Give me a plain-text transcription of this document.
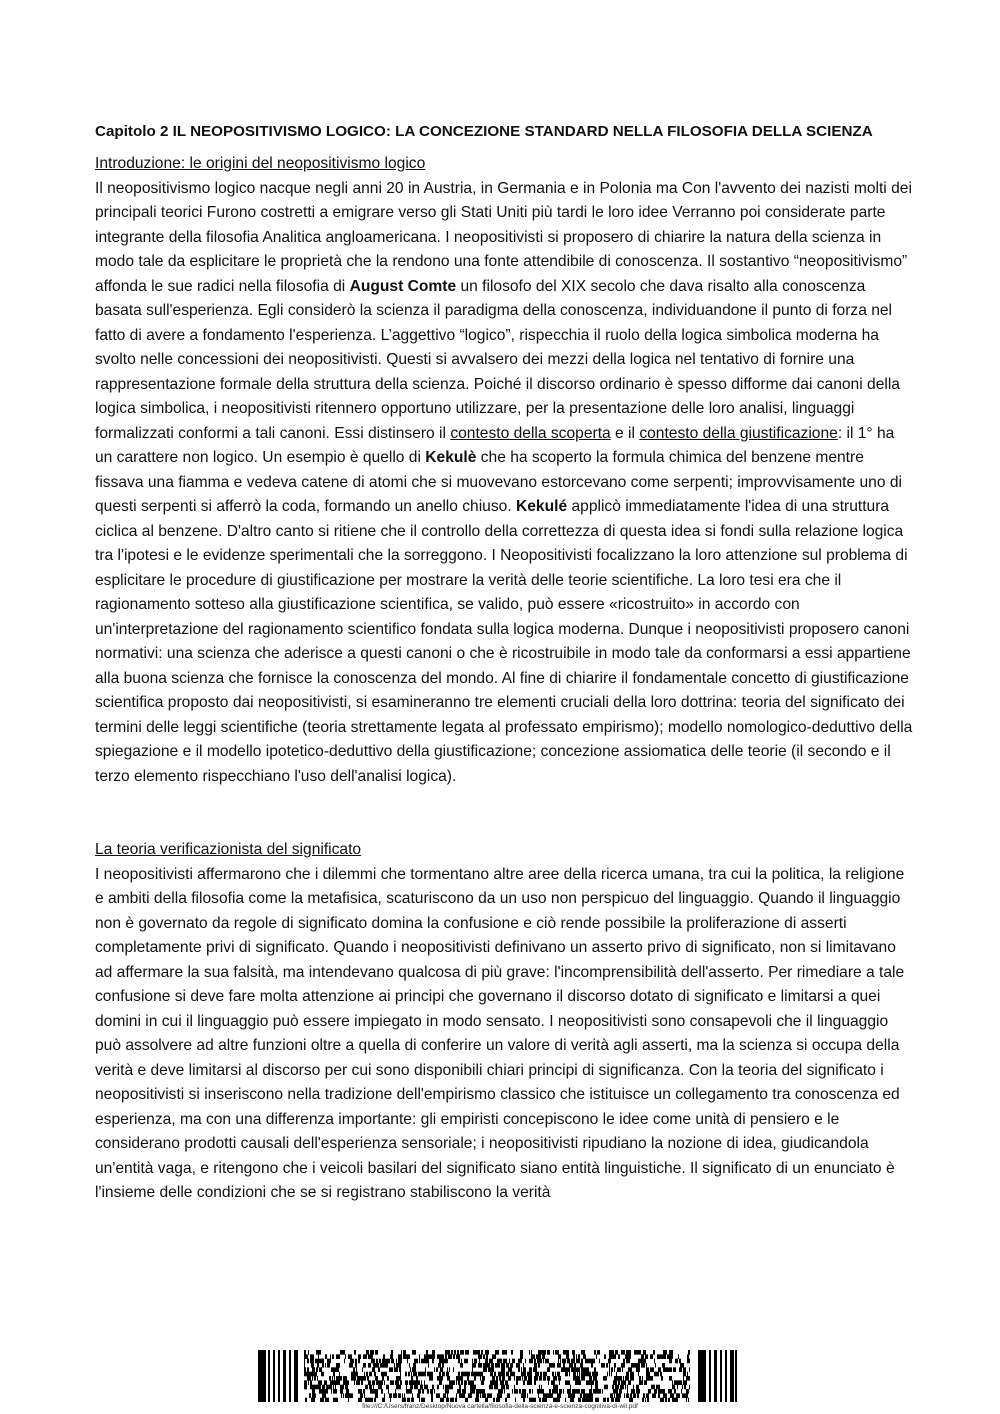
Capitolo 2 IL NEOPOSITIVISMO LOGICO: LA CONCEZIONE STANDARD NELLA FILOSOFIA DELLA SCIENZA
Introduzione: le origini del neopositivismo logico

Il neopositivismo logico nacque negli anni 20 in Austria, in Germania e in Polonia ma Con l'avvento dei nazisti molti dei principali teorici Furono costretti a emigrare verso gli Stati Uniti più tardi le loro idee Verranno poi considerate parte integrante della filosofia Analitica angloamericana. I neopositivisti si proposero di chiarire la natura della scienza in modo tale da esplicitare le proprietà che la rendono una fonte attendibile di conoscenza. Il sostantivo “neopositivismo” affonda le sue radici nella filosofia di August Comte un filosofo del XIX secolo che dava risalto alla conoscenza basata sull'esperienza. Egli considerò la scienza il paradigma della conoscenza, individuandone il punto di forza nel fatto di avere a fondamento l'esperienza. L’aggettivo “logico”, rispecchia il ruolo della logica simbolica moderna ha svolto nelle concessioni dei neopositivisti. Questi si avvalsero dei mezzi della logica nel tentativo di fornire una rappresentazione formale della struttura della scienza. Poiché il discorso ordinario è spesso difforme dai canoni della logica simbolica, i neopositivisti ritennero opportuno utilizzare, per la presentazione delle loro analisi, linguaggi formalizzati conformi a tali canoni. Essi distinsero il contesto della scoperta e il contesto della giustificazione: il 1° ha un carattere non logico. Un esempio è quello di Kekulè che ha scoperto la formula chimica del benzene mentre fissava una fiamma e vedeva catene di atomi che si muovevano estorcevano come serpenti; improvvisamente uno di questi serpenti si afferrò la coda, formando un anello chiuso. Kekulé applicò immediatamente l'idea di una struttura ciclica al benzene. D'altro canto si ritiene che il controllo della correttezza di questa idea si fondi sulla relazione logica tra l'ipotesi e le evidenze sperimentali che la sorreggono. I Neopositivisti focalizzano la loro attenzione sul problema di esplicitare le procedure di giustificazione per mostrare la verità delle teorie scientifiche. La loro tesi era che il ragionamento sotteso alla giustificazione scientifica, se valido, può essere «ricostruito» in accordo con un'interpretazione del ragionamento scientifico fondata sulla logica moderna. Dunque i neopositivisti proposero canoni normativi: una scienza che aderisce a questi canoni o che è ricostruibile in modo tale da conformarsi a essi appartiene alla buona scienza che fornisce la conoscenza del mondo. Al fine di chiarire il fondamentale concetto di giustificazione scientifica proposto dai neopositivisti, si esamineranno tre elementi cruciali della loro dottrina: teoria del significato dei termini delle leggi scientifiche (teoria strettamente legata al professato empirismo); modello nomologico-deduttivo della spiegazione e il modello ipotetico-deduttivo della giustificazione; concezione assiomatica delle teorie (il secondo e il terzo elemento rispecchiano l'uso dell'analisi logica).

La teoria verificazionista del significato

I neopositivisti affermarono che i dilemmi che tormentano altre aree della ricerca umana, tra cui la politica, la religione e ambiti della filosofia come la metafisica, scaturiscono da un uso non perspicuo del linguaggio. Quando il linguaggio non è governato da regole di significato domina la confusione e ciò rende possibile la proliferazione di asserti completamente privi di significato. Quando i neopositivisti definivano un asserto privo di significato, non si limitavano ad affermare la sua falsità, ma intendevano qualcosa di più grave: l'incomprensibilità dell'asserto. Per rimediare a tale confusione si deve fare molta attenzione ai principi che governano il discorso dotato di significato e limitarsi a quei domini in cui il linguaggio può essere impiegato in modo sensato. I neopositivisti sono consapevoli che il linguaggio può assolvere ad altre funzioni oltre a quella di conferire un valore di verità agli asserti, ma la scienza si occupa della verità e deve limitarsi al discorso per cui sono disponibili chiari principi di significanza. Con la teoria del significato i neopositivisti si inseriscono nella tradizione dell'empirismo classico che istituisce un collegamento tra conoscenza ed esperienza, ma con una differenza importante: gli empiristi concepiscono le idee come unità di pensiero e le considerano prodotti causali dell'esperienza sensoriale; i neopositivisti ripudiano la nozione di idea, giudicandola un'entità vaga, e ritengono che i veicoli basilari del significato siano entità linguistiche. Il significato di un enunciato è l'insieme delle condizioni che se si registrano stabiliscono la verità

file:///C:/Users/franz/Desktop/Nuova cartella/filosofia-della-scienza-e-scienza-cognitiva-di-wil.pdf
